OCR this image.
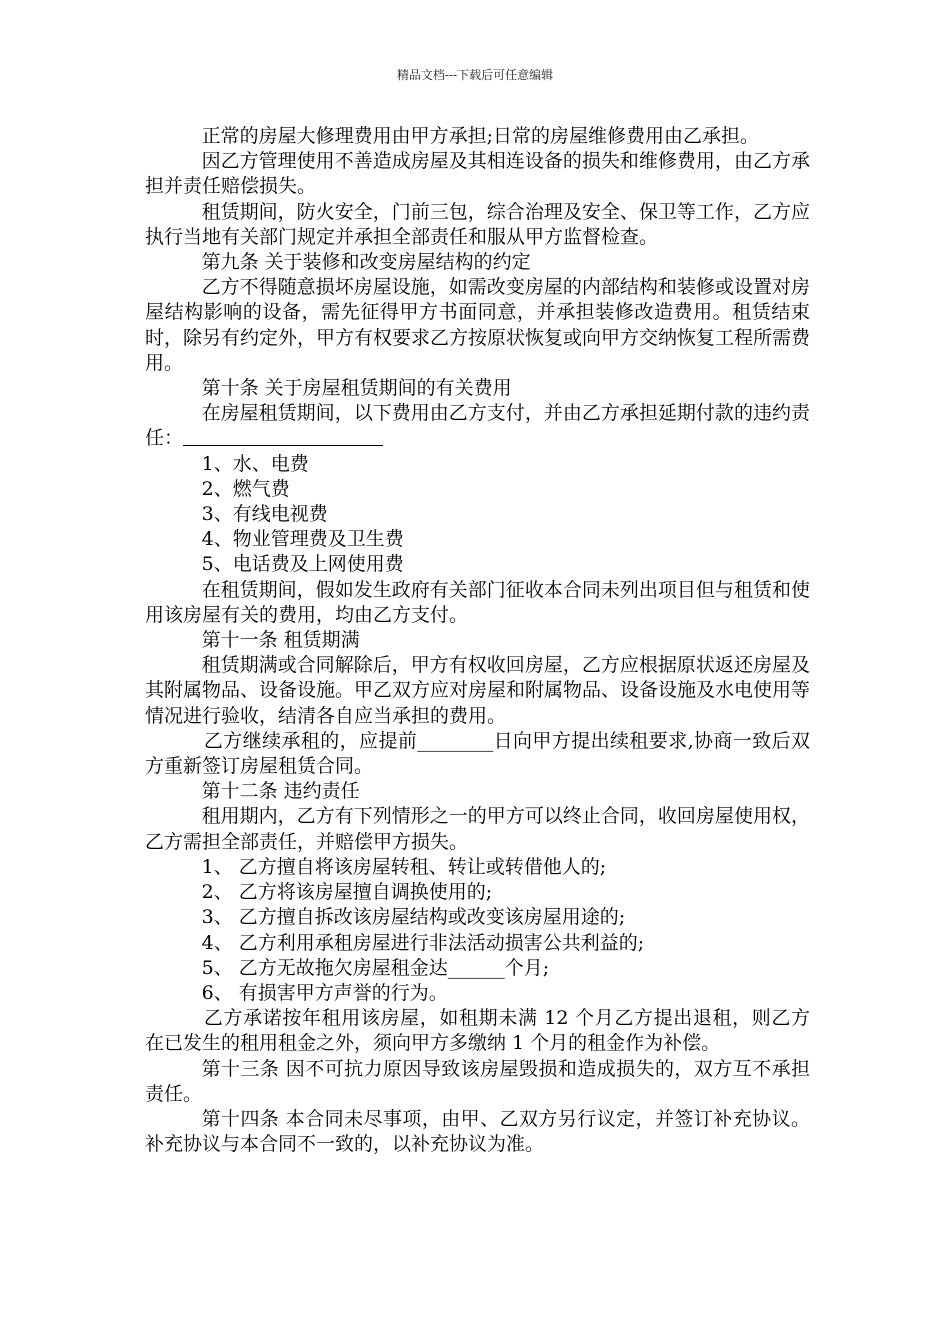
精品文档---下载后可任意编辑

正常的房屋大修理费用由甲方承担;日常的房屋维修费用由乙承担。

因乙方管理使用不善造成房屋及其相连设备的损失和维修费用，由乙方承担并责任赔偿损失。

租赁期间，防火安全，门前三包，综合治理及安全、保卫等工作，乙方应执行当地有关部门规定并承担全部责任和服从甲方监督检查。

第九条 关于装修和改变房屋结构的约定

乙方不得随意损坏房屋设施，如需改变房屋的内部结构和装修或设置对房屋结构影响的设备，需先征得甲方书面同意，并承担装修改造费用。租赁结束时，除另有约定外，甲方有权要求乙方按原状恢复或向甲方交纳恢复工程所需费用。

第十条 关于房屋租赁期间的有关费用

在房屋租赁期间，以下费用由乙方支付，并由乙方承担延期付款的违约责任：

1、水、电费

2、燃气费

3、有线电视费

4、物业管理费及卫生费

5、电话费及上网使用费

在租赁期间，假如发生政府有关部门征收本合同未列出项目但与租赁和使用该房屋有关的费用，均由乙方支付。

第十一条 租赁期满

租赁期满或合同解除后，甲方有权收回房屋，乙方应根据原状返还房屋及其附属物品、设备设施。甲乙双方应对房屋和附属物品、设备设施及水电使用等情况进行验收，结清各自应当承担的费用。

乙方继续承租的，应提前________日向甲方提出续租要求,协商一致后双方重新签订房屋租赁合同。

第十二条 违约责任

租用期内，乙方有下列情形之一的甲方可以终止合同，收回房屋使用权，乙方需担全部责任，并赔偿甲方损失。

1、 乙方擅自将该房屋转租、转让或转借他人的;

2、 乙方将该房屋擅自调换使用的;

3、 乙方擅自拆改该房屋结构或改变该房屋用途的;

4、 乙方利用承租房屋进行非法活动损害公共利益的;

5、 乙方无故拖欠房屋租金达______个月;

6、 有损害甲方声誉的行为。

乙方承诺按年租用该房屋，如租期未满 12 个月乙方提出退租，则乙方在已发生的租用租金之外，须向甲方多缴纳 1 个月的租金作为补偿。

第十三条 因不可抗力原因导致该房屋毁损和造成损失的，双方互不承担责任。

第十四条 本合同未尽事项，由甲、乙双方另行议定，并签订补充协议。补充协议与本合同不一致的，以补充协议为准。
